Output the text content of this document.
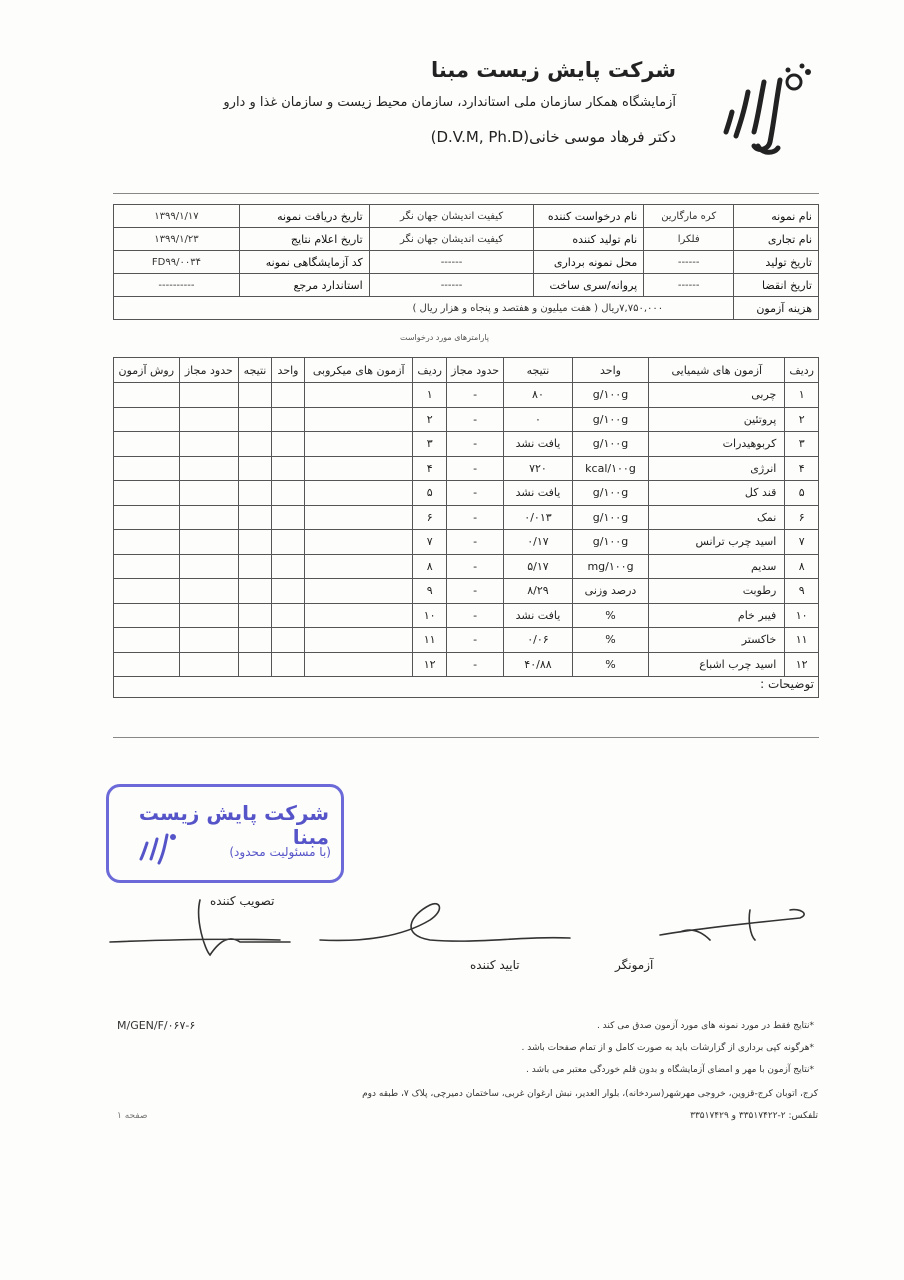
شرکت پایش زیست مبنا
آزمایشگاه همکار سازمان ملی استاندارد، سازمان محیط زیست و سازمان غذا و دارو
دکتر فرهاد موسی خانی(D.V.M, Ph.D)
نام نمونه	کره مارگارین	نام درخواست کننده	کیفیت اندیشان جهان نگر	تاریخ دریافت نمونه	۱۳۹۹/۱/۱۷
نام تجاری	فلکرا	نام تولید کننده	کیفیت اندیشان جهان نگر	تاریخ اعلام نتایج	۱۳۹۹/۱/۲۳
تاریخ تولید	------	محل نمونه برداری	------	کد آزمایشگاهی نمونه	FD۹۹/۰۰۳۴
تاریخ انقضا	------	پروانه/سری ساخت	------	استاندارد مرجع	----------
هزینه آزمون	۷,۷۵۰,۰۰۰ریال ( هفت میلیون و هفتصد و پنجاه و هزار ریال )				
پارامترهای مورد درخواست
ردیف	آزمون های شیمیایی	واحد	نتیجه	حدود مجاز	ردیف	آزمون های میکروبی	واحد	نتیجه	حدود مجاز	روش آزمون
۱	چربی	g/۱۰۰g	۸۰	-	۱					
۲	پروتئین	g/۱۰۰g	۰	-	۲					
۳	کربوهیدرات	g/۱۰۰g	یافت نشد	-	۳					
۴	انرژی	kcal/۱۰۰g	۷۲۰	-	۴					
۵	قند کل	g/۱۰۰g	یافت نشد	-	۵					
۶	نمک	g/۱۰۰g	۰/۰۱۳	-	۶					
۷	اسید چرب ترانس	g/۱۰۰g	۰/۱۷	-	۷					
۸	سدیم	mg/۱۰۰g	۵/۱۷	-	۸					
۹	رطوبت	درصد وزنی	۸/۲۹	-	۹					
۱۰	فیبر خام	%	یافت نشد	-	۱۰					
۱۱	خاکستر	%	۰/۰۶	-	۱۱					
۱۲	اسید چرب اشباع	%	۴۰/۸۸	-	۱۲					
توضیحات :
شرکت پایش زیست مبنا
(با مسئولیت محدود)
تصویب کننده
تایید کننده	آزمونگر
M/GEN/F/۰۶۷-۶	*نتایج فقط در مورد نمونه های مورد آزمون صدق می کند .
*هرگونه کپی برداری از گزارشات باید به صورت کامل و از تمام صفحات باشد .
*نتایج آزمون با مهر و امضای آزمایشگاه و بدون قلم خوردگی معتبر می باشد .
کرج، اتوبان کرج-قزوین، خروجی مهرشهر(سردخانه)، بلوار العدیر، نبش ارغوان غربی، ساختمان دمیرچی، پلاک ۷، طبقه دوم
تلفکس: ۲-۳۳۵۱۷۴۲۲ و ۳۳۵۱۷۴۲۹
صفحه ۱
